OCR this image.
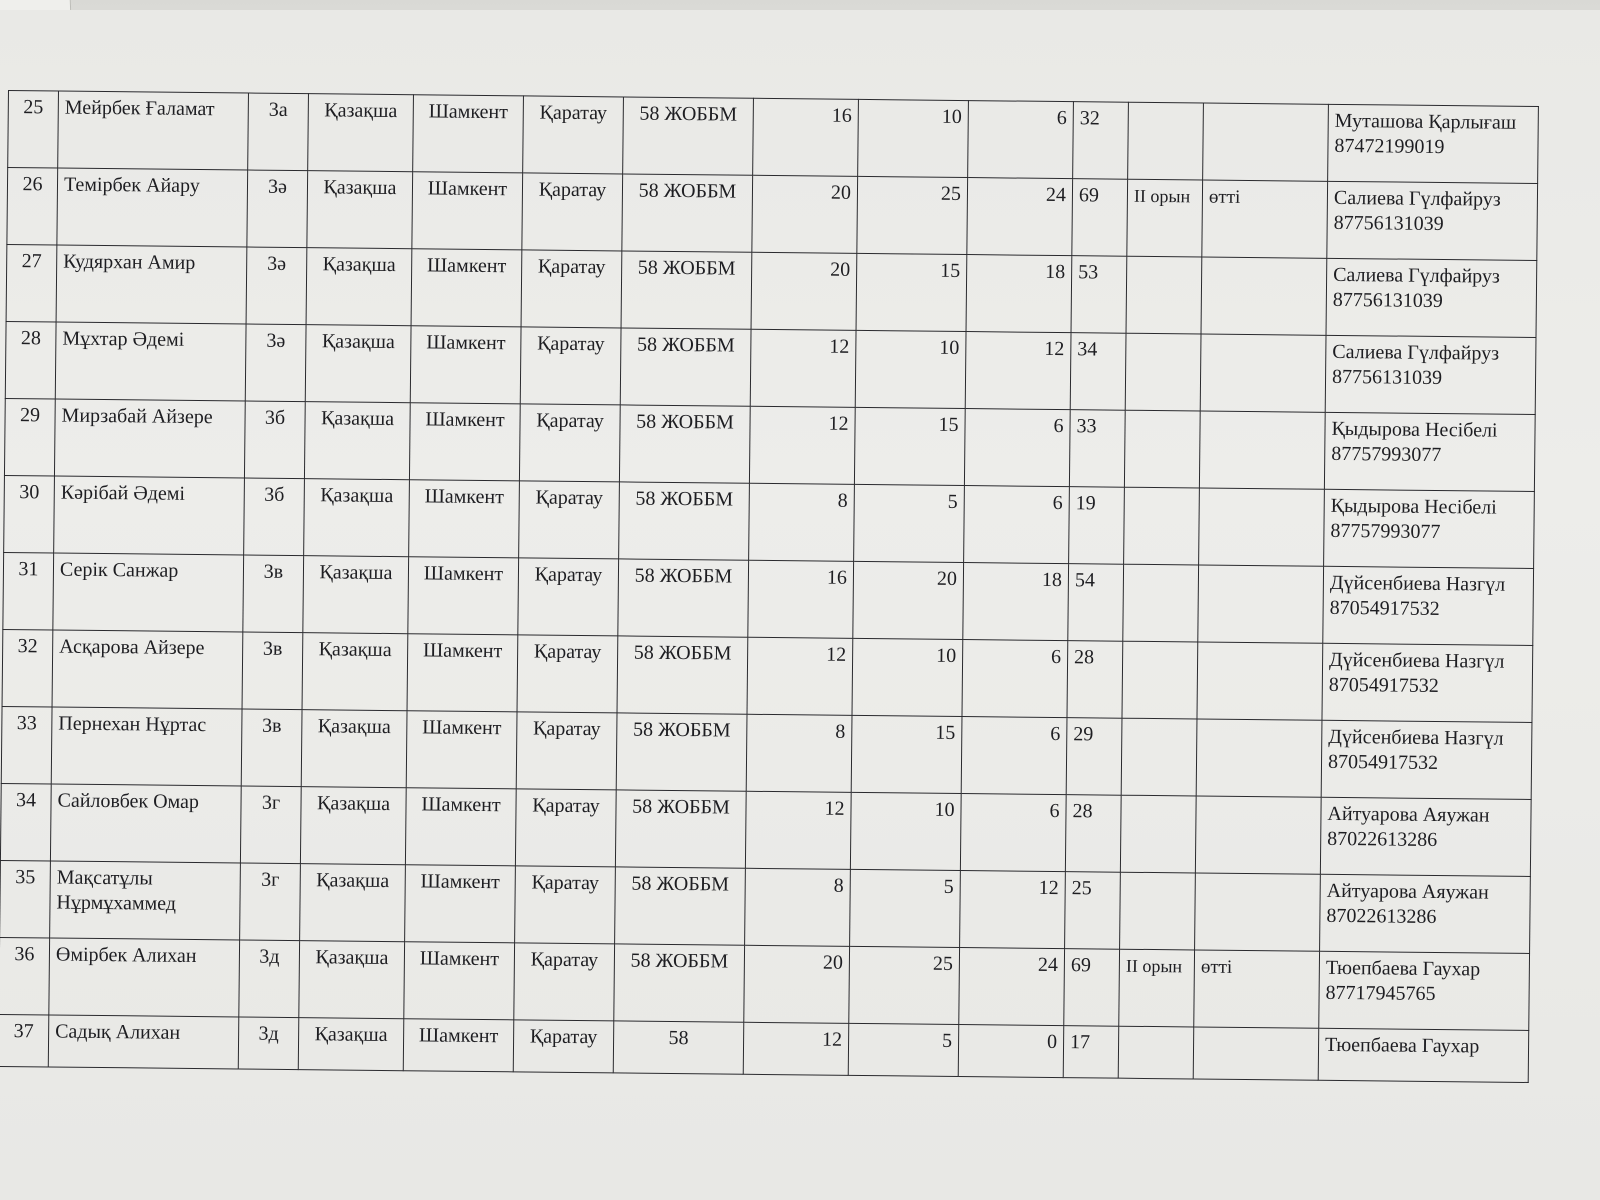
25	Мейрбек Ғаламат	3а	Қазақша	Шамкент	Қаратау	58 ЖОББМ	16	10	6	32			Муташова Қарлығаш
87472199019

26	Темірбек Айару	3ә	Қазақша	Шамкент	Қаратау	58 ЖОББМ	20	25	24	69	II орын	өтті	Салиева Гүлфайруз
87756131039

27	Кудярхан Амир	3ә	Қазақша	Шамкент	Қаратау	58 ЖОББМ	20	15	18	53			Салиева Гүлфайруз
87756131039

28	Мұхтар Әдемі	3ә	Қазақша	Шамкент	Қаратау	58 ЖОББМ	12	10	12	34			Салиева Гүлфайруз
87756131039

29	Мирзабай Айзере	3б	Қазақша	Шамкент	Қаратау	58 ЖОББМ	12	15	6	33			Қыдырова Несібелі
87757993077

30	Кәрібай Әдемі	3б	Қазақша	Шамкент	Қаратау	58 ЖОББМ	8	5	6	19			Қыдырова Несібелі
87757993077

31	Серік Санжар	3в	Қазақша	Шамкент	Қаратау	58 ЖОББМ	16	20	18	54			Дүйсенбиева Назгүл
87054917532

32	Асқарова Айзере	3в	Қазақша	Шамкент	Қаратау	58 ЖОББМ	12	10	6	28			Дүйсенбиева Назгүл
87054917532

33	Пернехан Нұртас	3в	Қазақша	Шамкент	Қаратау	58 ЖОББМ	8	15	6	29			Дүйсенбиева Назгүл
87054917532

34	Сайловбек Омар	3г	Қазақша	Шамкент	Қаратау	58 ЖОББМ	12	10	6	28			Айтуарова Аяужан
87022613286

35	Мақсатұлы Нұрмұхаммед	3г	Қазақша	Шамкент	Қаратау	58 ЖОББМ	8	5	12	25			Айтуарова Аяужан
87022613286

36	Өмірбек Алихан	3д	Қазақша	Шамкент	Қаратау	58 ЖОББМ	20	25	24	69	II орын	өтті	Тюепбаева Гаухар
87717945765

37	Садық Алихан	3д	Қазақша	Шамкент	Қаратау	58	12	5	0	17			Тюепбаева Гаухар
